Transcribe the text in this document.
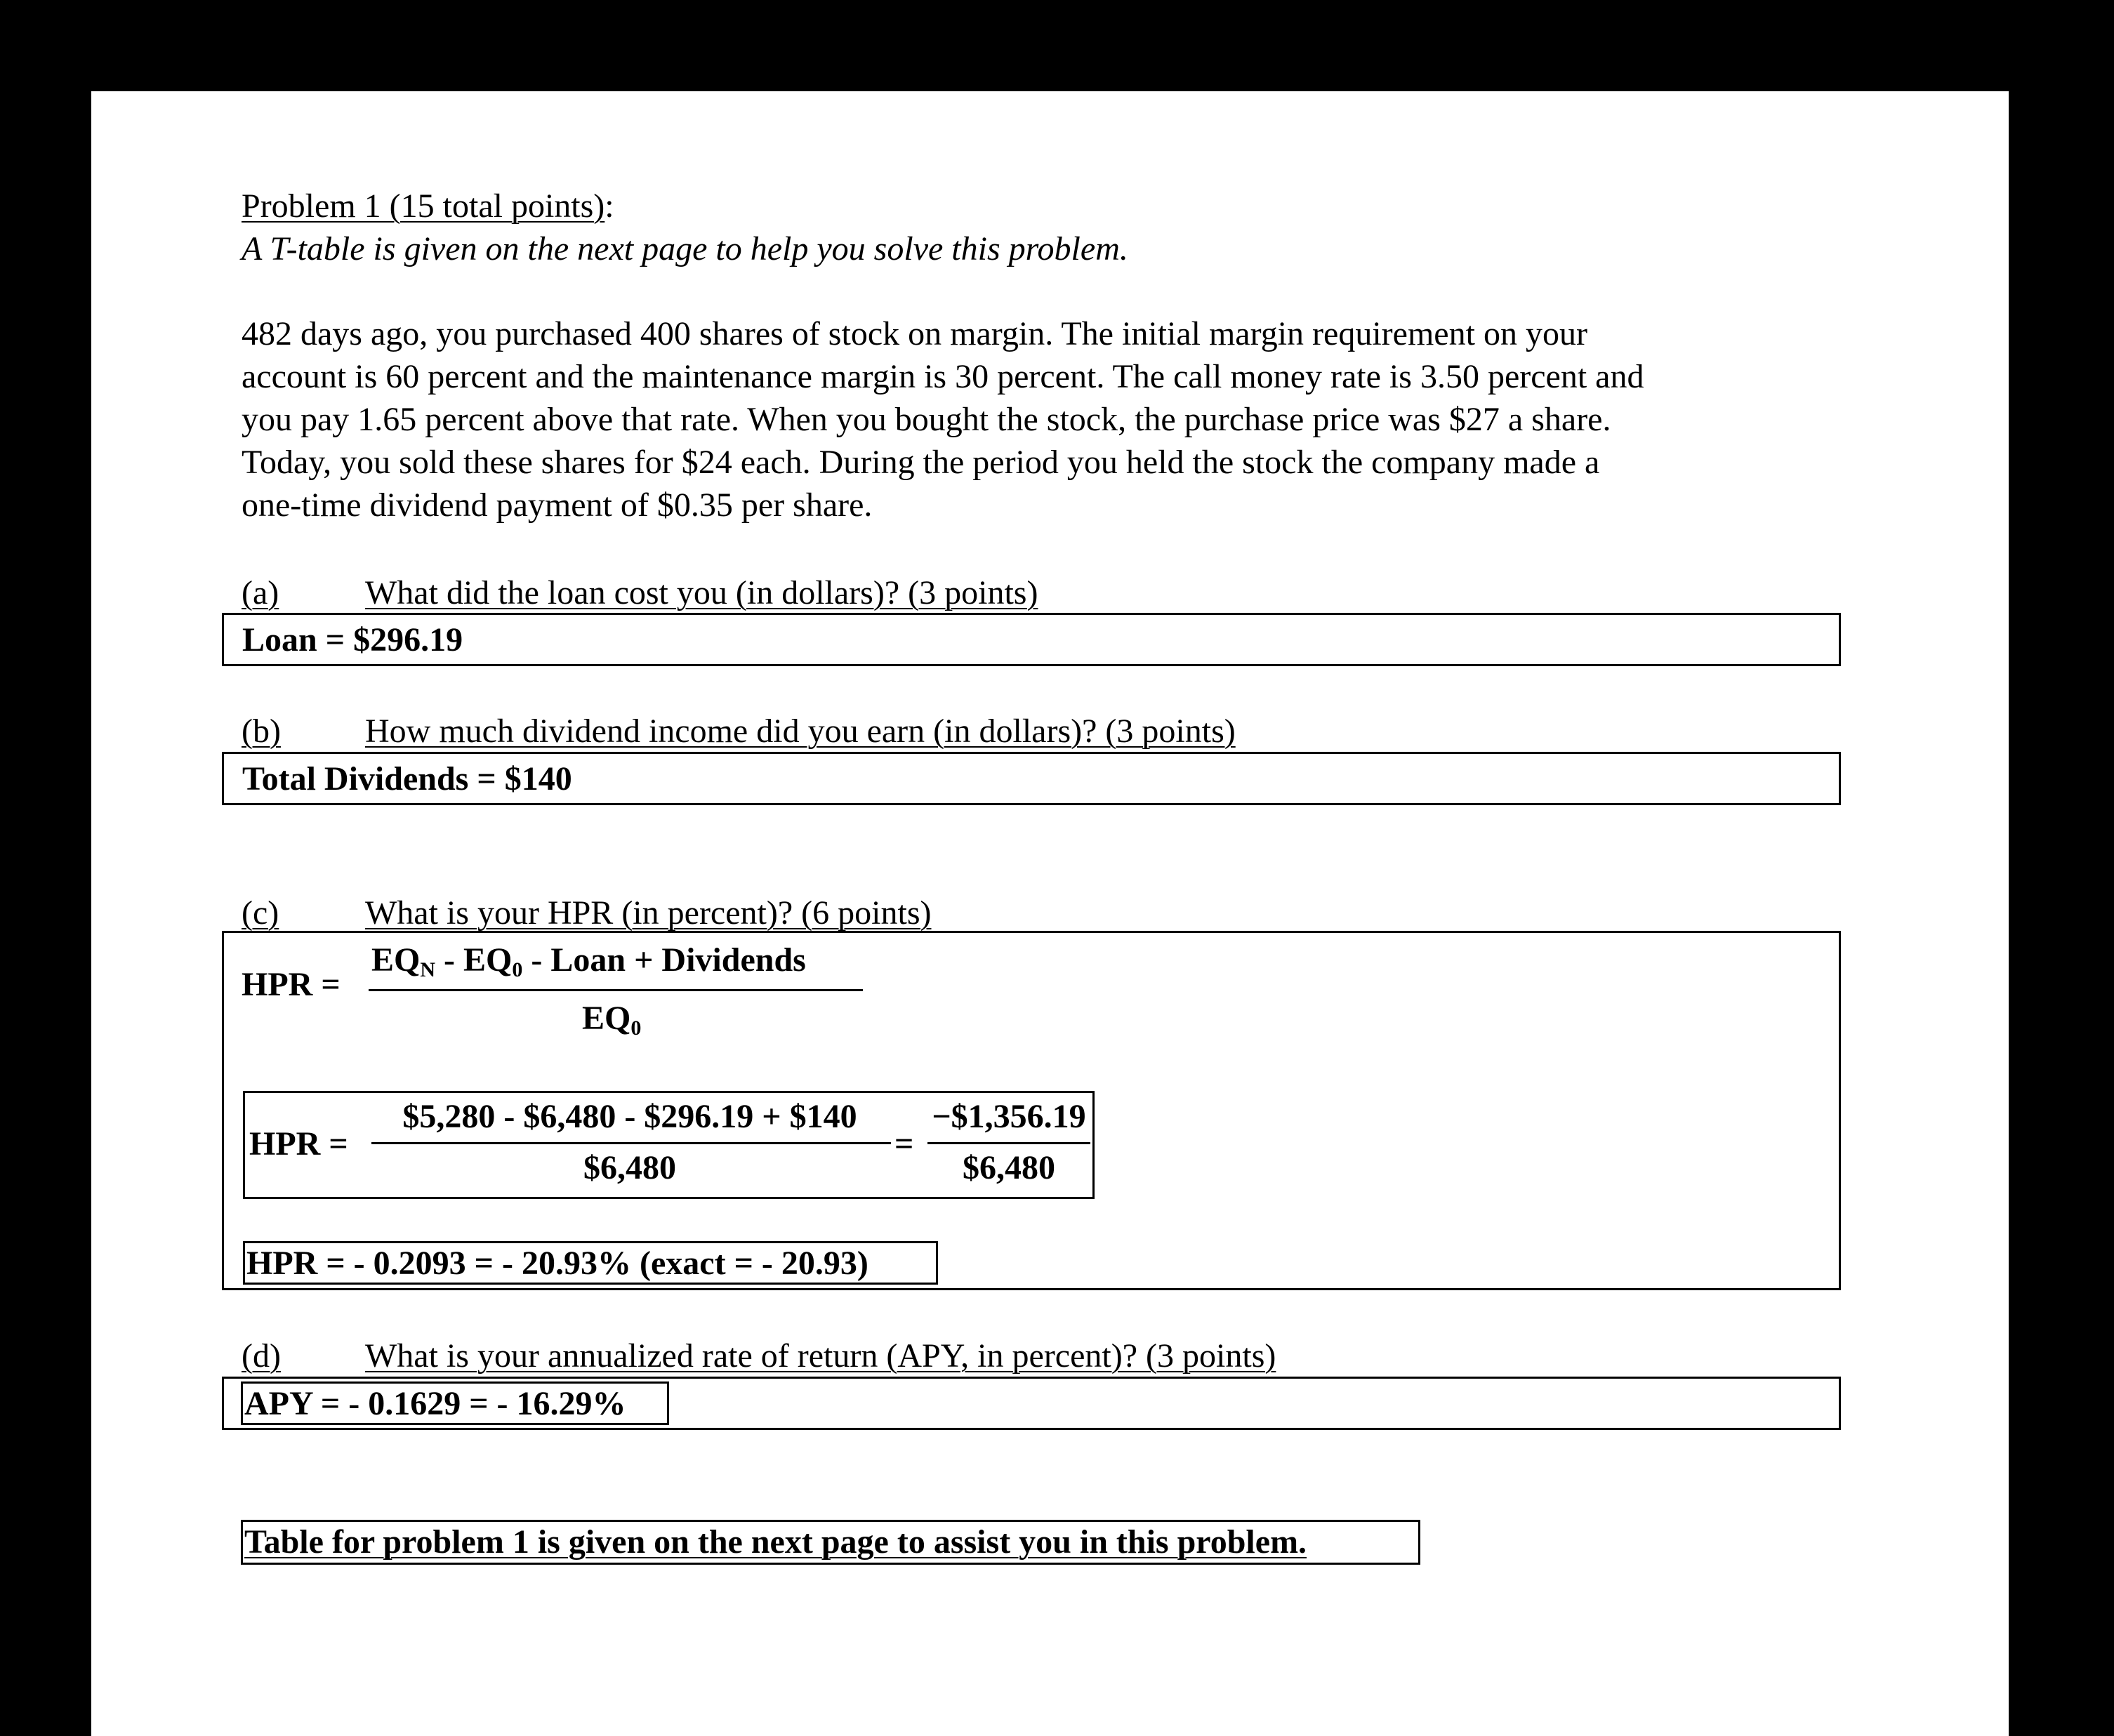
Problem 1 (15 total points):
A T-table is given on the next page to help you solve this problem.
482 days ago, you purchased 400 shares of stock on margin. The initial margin requirement on your
account is 60 percent and the maintenance margin is 30 percent. The call money rate is 3.50 percent and
you pay 1.65 percent above that rate. When you bought the stock, the purchase price was $27 a share.
Today, you sold these shares for $24 each. During the period you held the stock the company made a
one-time dividend payment of $0.35 per share.
(a)	What did the loan cost you (in dollars)? (3 points)
Loan = $296.19
(b)	How much dividend income did you earn (in dollars)? (3 points)
Total Dividends = $140
(c)	What is your HPR (in percent)? (6 points)
HPR =
$EQ_N - EQ_0$ - Loan + Dividends
$EQ_0$
HPR =
$5,280 - $6,480 - $296.19 + $140
$6,480
=
−$1,356.19
$6,480
HPR = - 0.2093 = - 20.93% (exact = - 20.93)
(d)	What is your annualized rate of return (APY, in percent)? (3 points)
APY = - 0.1629 = - 16.29%
Table for problem 1 is given on the next page to assist you in this problem.
